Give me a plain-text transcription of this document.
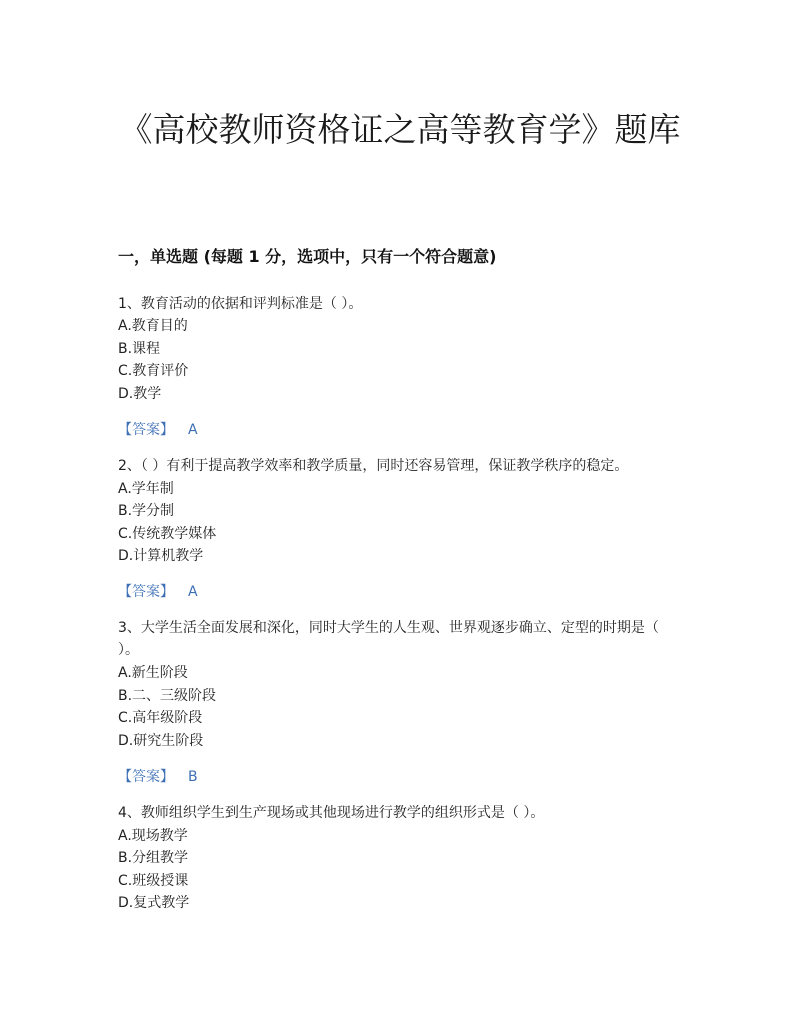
《高校教师资格证之高等教育学》题库
一，单选题 (每题 1 分，选项中，只有一个符合题意)

1、教育活动的依据和评判标准是（ ）。

A.教育目的
B.课程
C.教育评价
D.教学
【答案】 A

2、（ ）有利于提高教学效率和教学质量，同时还容易管理，保证教学秩序的稳定。

A.学年制
B.学分制
C.传统教学媒体
D.计算机教学
【答案】 A

3、大学生活全面发展和深化，同时大学生的人生观、世界观逐步确立、定型的时期是（ ）。

A.新生阶段
B.二、三级阶段
C.高年级阶段
D.研究生阶段
【答案】 B

4、教师组织学生到生产现场或其他现场进行教学的组织形式是（ ）。

A.现场教学
B.分组教学
C.班级授课
D.复式教学
